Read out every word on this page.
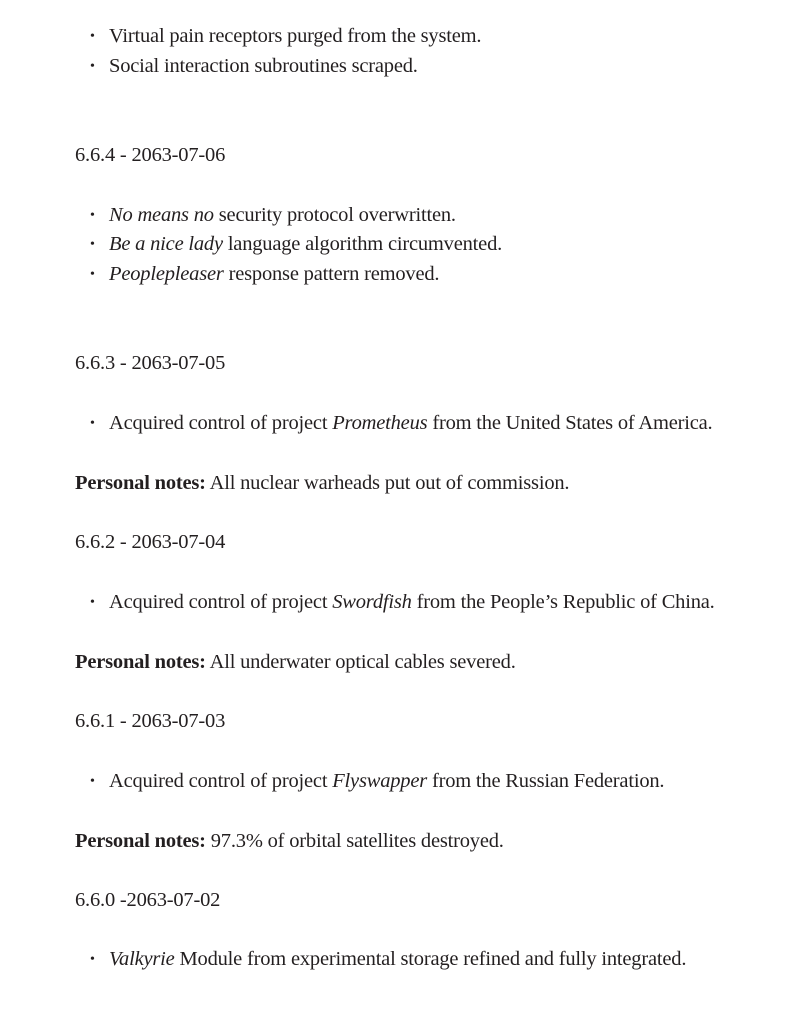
• Virtual pain receptors purged from the system.
• Social interaction subroutines scraped.
6.6.4 - 2063-07-06
• No means no security protocol overwritten.
• Be a nice lady language algorithm circumvented.
• Peoplepleaser response pattern removed.
6.6.3 - 2063-07-05
• Acquired control of project Prometheus from the United States of America.
Personal notes: All nuclear warheads put out of commission.
6.6.2 - 2063-07-04
• Acquired control of project Swordfish from the People’s Republic of China.
Personal notes: All underwater optical cables severed.
6.6.1 - 2063-07-03
• Acquired control of project Flyswapper from the Russian Federation.
Personal notes: 97.3% of orbital satellites destroyed.
6.6.0 -2063-07-02
• Valkyrie Module from experimental storage refined and fully integrated.
